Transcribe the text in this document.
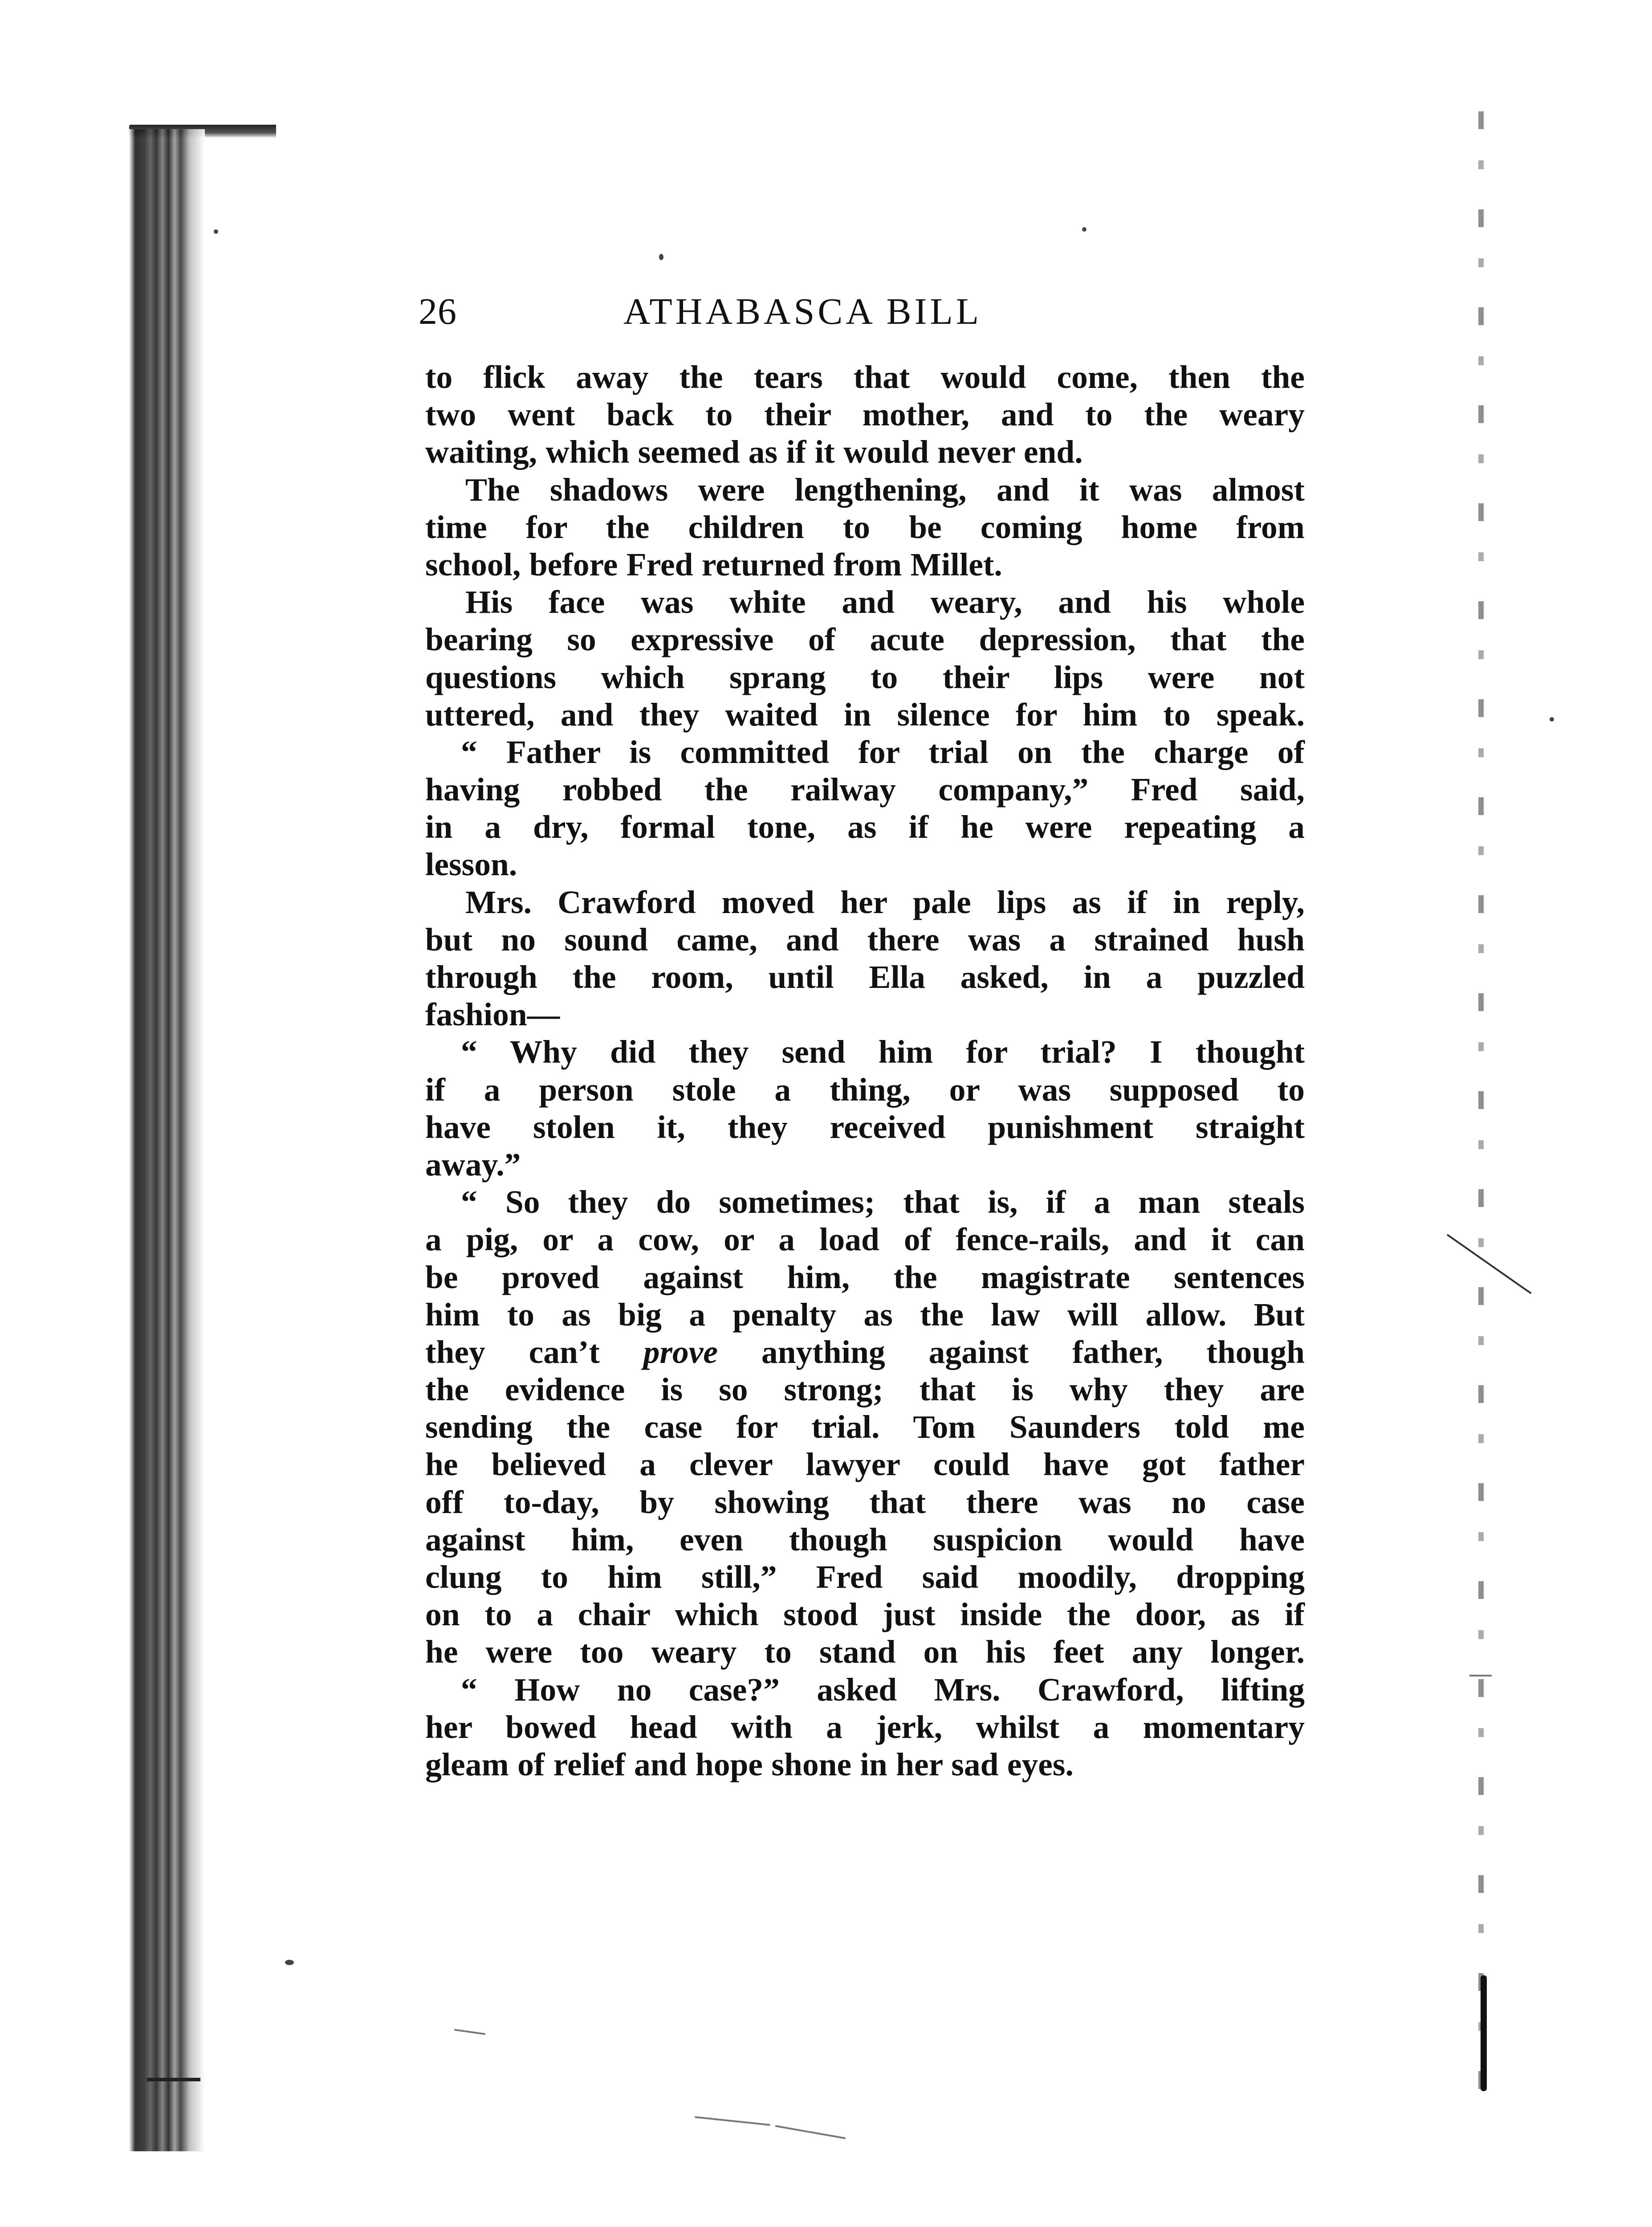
26	ATHABASCA BILL
to flick away the tears that would come, then the
two went back to their mother, and to the weary
waiting, which seemed as if it would never end.
The shadows were lengthening, and it was almost
time for the children to be coming home from
school, before Fred returned from Millet.
His face was white and weary, and his whole
bearing so expressive of acute depression, that the
questions which sprang to their lips were not
uttered, and they waited in silence for him to speak.
“ Father is committed for trial on the charge of
having robbed the railway company,” Fred said,
in a dry, formal tone, as if he were repeating a
lesson.
Mrs. Crawford moved her pale lips as if in reply,
but no sound came, and there was a strained hush
through the room, until Ella asked, in a puzzled
fashion—
“ Why did they send him for trial? I thought
if a person stole a thing, or was supposed to
have stolen it, they received punishment straight
away.”
“ So they do sometimes; that is, if a man steals
a pig, or a cow, or a load of fence-rails, and it can
be proved against him, the magistrate sentences
him to as big a penalty as the law will allow. But
they can’t prove anything against father, though
the evidence is so strong; that is why they are
sending the case for trial. Tom Saunders told me
he believed a clever lawyer could have got father
off to-day, by showing that there was no case
against him, even though suspicion would have
clung to him still,” Fred said moodily, dropping
on to a chair which stood just inside the door, as if
he were too weary to stand on his feet any longer.
“ How no case?” asked Mrs. Crawford, lifting
her bowed head with a jerk, whilst a momentary
gleam of relief and hope shone in her sad eyes.
